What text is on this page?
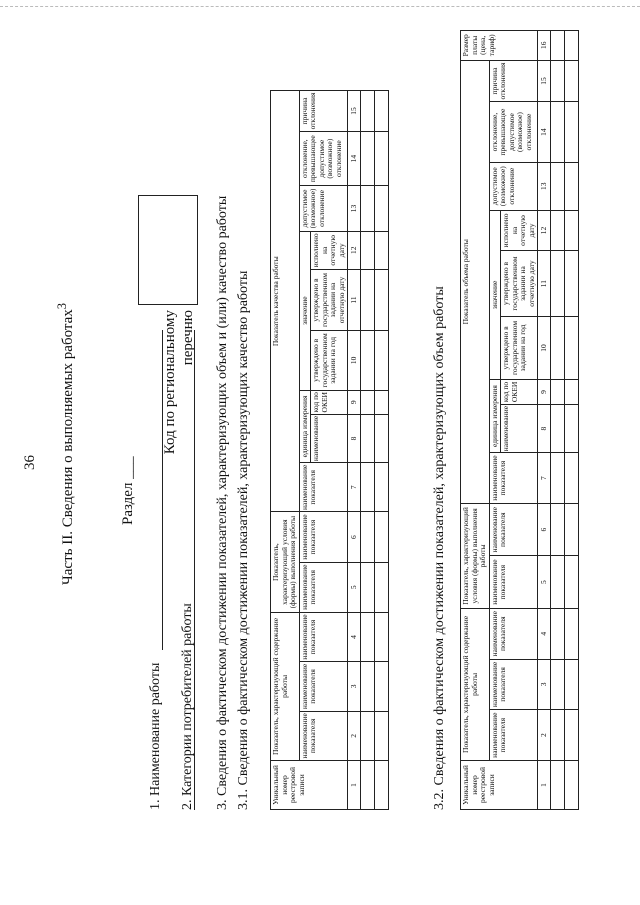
36	Часть II. Сведения о выполняемых работах$^3$
Раздел ___
Код по региональному перечню
1. Наименование работы 2. Категории потребителей работы 3. Сведения о фактическом достижении показателей, характеризующих объем и (или) качество работы 3.1. Сведения о фактическом достижении показателей, характеризующих качество работы	Уникальный номер реестровой записи	Показатель, характеризующий содержание работы			Показатель, характеризующий условия (формы) выполнения работы		Показатель качества работы								
	наименование показателя	наименование показателя	наименование показателя	наименование показателя	наименование показателя	наименование показателя	единица измерения		значение			допустимое (возможное) отклонение	отклонение, превышающее допустимое (возможное) отклонение	причина отклонения
							наименование	код по ОКЕИ	утверждено в государственном задании на год	утверждено в государственном задании на отчетную дату	исполнено на отчетную дату			
1	2	3	4	5	6	7	8	9	10	11	12	13	14	15

3.2. Сведения о фактическом достижении показателей, характеризующих объем работы Уникальный номер реестровой записи	Показатель, характеризующий содержание работы			Показатель, характеризующий условия (формы) выполнения работы		Показатель объема работы									Размер платы (цена, тариф)
	наименование показателя	наименование показателя	наименование показателя	наименование показателя	наименование показателя	наименование показателя	единица измерения		значение			допустимое (возможное) отклонение	отклонение, превышающее допустимое (возможное) отклонение	причина отклонения	
							наименование	код по ОКЕИ	утверждено в государственном задании на год	утверждено в государственном задании на отчетную дату	исполнено на отчетную дату				
1	2	3	4	5	6	7	8	9	10	11	12	13	14	15	16
